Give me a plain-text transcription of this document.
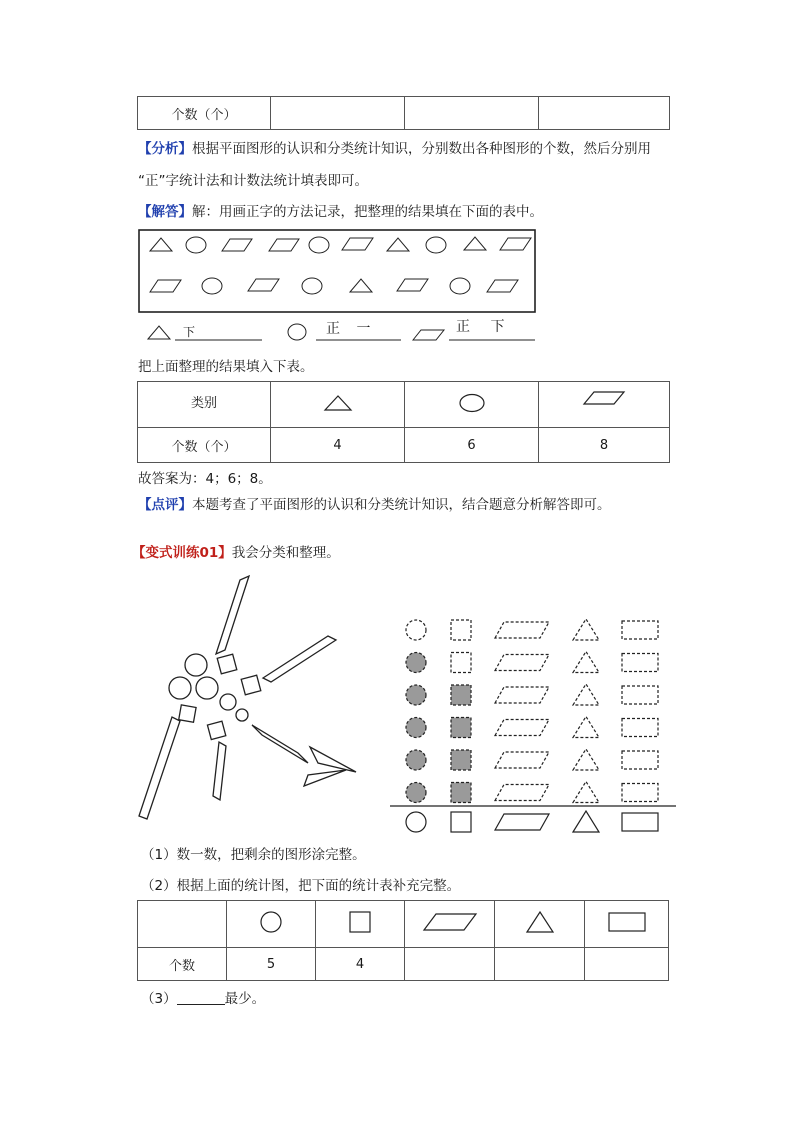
个数（个）			
【分析】根据平面图形的认识和分类统计知识，分别数出各种图形的个数，然后分别用
“正”字统计法和计数法统计填表即可。
【解答】解：用画正字的方法记录，把整理的结果填在下面的表中。
下	正 一	正 下
把上面整理的结果填入下表。
类别			
个数（个）	4	6	8
故答案为：4；6；8。
【点评】本题考查了平面图形的认识和分类统计知识，结合题意分析解答即可。
【变式训练01】我会分类和整理。
（1）数一数，把剩余的图形涂完整。
（2）根据上面的统计图，把下面的统计表补充完整。

个数	5	4			
（3）	最少。
